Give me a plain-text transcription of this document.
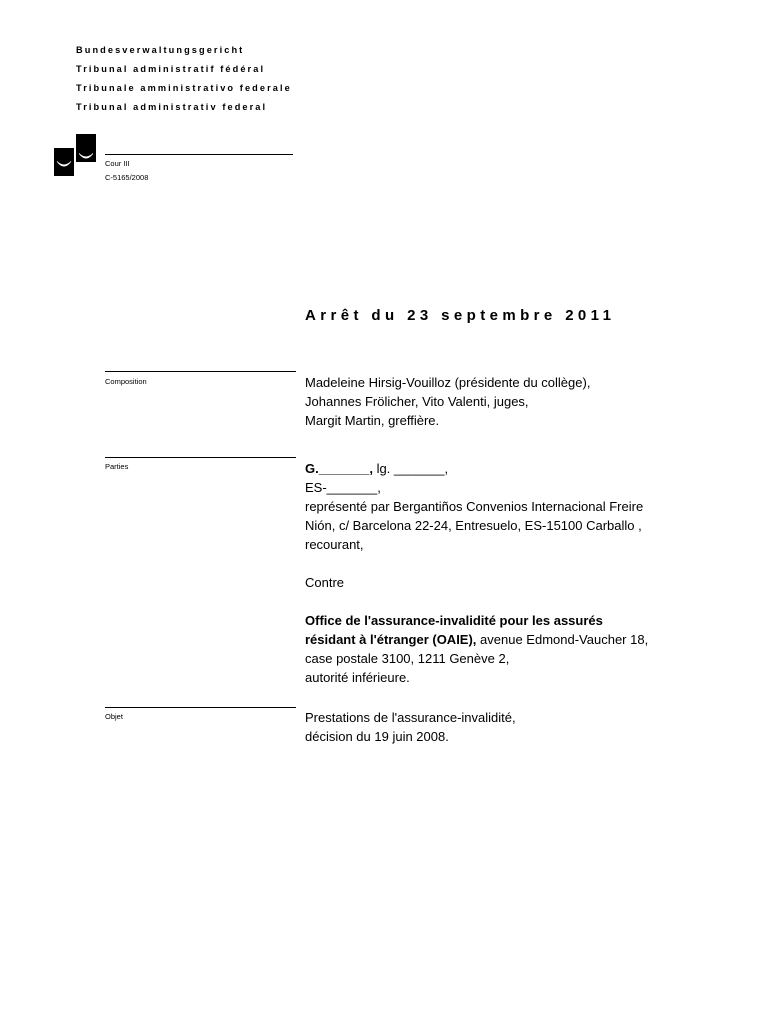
Bundesverwaltungsgericht
Tribunal administratif fédéral
Tribunale amministrativo federale
Tribunal administrativ federal
Cour III
C-5165/2008
Arrêt du 23 septembre 2011
Composition	Madeleine Hirsig-Vouilloz (présidente du collège),
Johannes Frölicher, Vito Valenti, juges,
Margit Martin, greffière.
Parties	G._______, lg. _______,
ES-_______,
représenté par Bergantiños Convenios Internacional Freire
Nión, c/ Barcelona 22-24, Entresuelo, ES-15100 Carballo ,
recourant,
Contre
Office de l'assurance-invalidité pour les assurés
résidant à l'étranger (OAIE), avenue Edmond-Vaucher 18,
case postale 3100, 1211 Genève 2,
autorité inférieure.
Objet	Prestations de l'assurance-invalidité,
décision du 19 juin 2008.
